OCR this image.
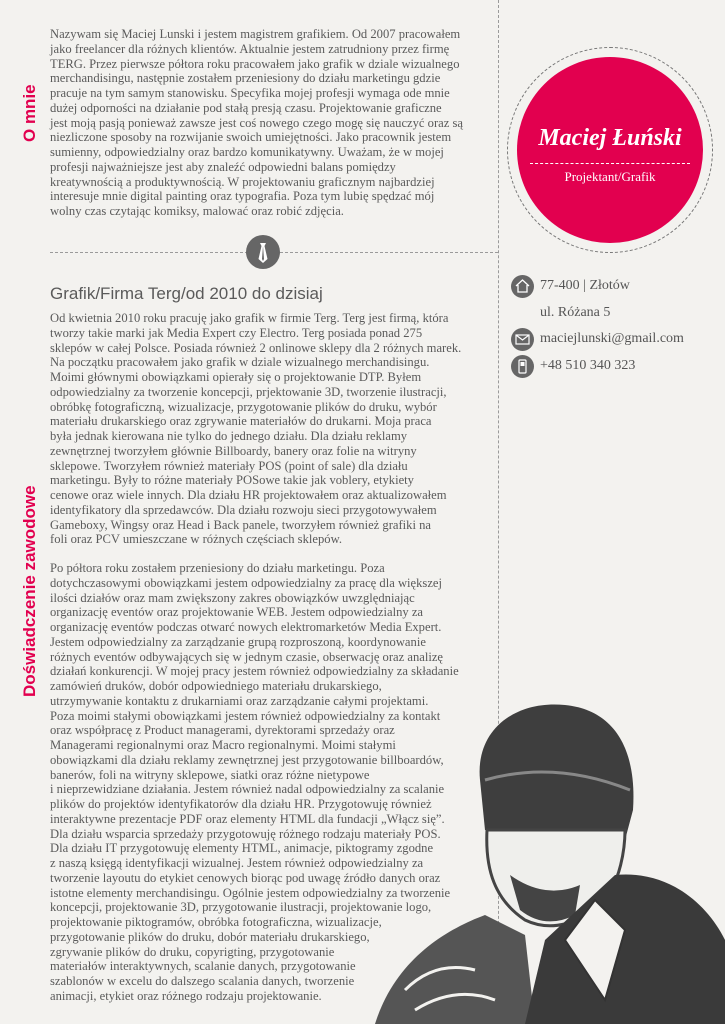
O mnie
Doświadczenie zawodowe
Nazywam się Maciej Lunski i jestem magistrem grafikiem. Od 2007 pracowałem
jako freelancer dla różnych klientów. Aktualnie jestem zatrudniony przez firmę
TERG. Przez pierwsze półtora roku pracowałem jako grafik w dziale wizualnego
merchandisingu, następnie zostałem przeniesiony do działu marketingu gdzie
pracuje na tym samym stanowisku. Specyfika mojej profesji wymaga ode mnie
dużej odporności na działanie pod stałą presją czasu. Projektowanie graficzne
jest moją pasją ponieważ zawsze jest coś nowego czego mogę się nauczyć oraz są
niezliczone sposoby na rozwijanie swoich umiejętności. Jako pracownik jestem
sumienny, odpowiedzialny oraz bardzo komunikatywny. Uważam, że w mojej
profesji najważniejsze jest aby znaleźć odpowiedni balans pomiędzy
kreatywnością a produktywnością. W projektowaniu graficznym najbardziej
interesuje mnie digital painting oraz typografia. Poza tym lubię spędzać mój
wolny czas czytając komiksy, malować oraz robić zdjęcia.
Grafik/Firma Terg/od 2010 do dzisiaj
Od kwietnia 2010 roku pracuję jako grafik w firmie Terg. Terg jest firmą, która
tworzy takie marki jak Media Expert czy Electro. Terg posiada ponad 275
sklepów w całej Polsce. Posiada również 2 onlinowe sklepy dla 2 różnych marek.
Na początku pracowałem jako grafik w dziale wizualnego merchandisingu.
Moimi głównymi obowiązkami opierały się o projektowanie DTP. Byłem
odpowiedzialny za tworzenie koncepcji, prjektowanie 3D, tworzenie ilustracji,
obróbkę fotograficzną, wizualizacje, przygotowanie plików do druku, wybór
materiału drukarskiego oraz zgrywanie materiałów do drukarni. Moja praca
była jednak kierowana nie tylko do jednego działu. Dla działu reklamy
zewnętrznej tworzyłem głównie Billboardy, banery oraz folie na witryny
sklepowe. Tworzyłem również materiały POS (point of sale) dla działu
marketingu. Były to różne materiały POSowe takie jak voblery, etykiety
cenowe oraz wiele innych. Dla działu HR projektowałem oraz aktualizowałem
identyfikatory dla sprzedawców. Dla działu rozwoju sieci przygotowywałem
Gameboxy, Wingsy oraz Head i Back panele, tworzyłem również grafiki na
foli oraz PCV umieszczane w różnych częściach sklepów.
Po półtora roku zostałem przeniesiony do działu marketingu. Poza
dotychczasowymi obowiązkami jestem odpowiedzialny za pracę dla większej
ilości działów oraz mam zwiększony zakres obowiązków uwzględniając
organizację eventów oraz projektowanie WEB. Jestem odpowiedzialny za
organizację eventów podczas otwarć nowych elektromarketów Media Expert.
Jestem odpowiedzialny za zarządzanie grupą rozproszoną, koordynowanie
różnych eventów odbywających się w jednym czasie, obserwację oraz analizę
działań konkurencji. W mojej pracy jestem również odpowiedzialny za składanie
zamówień druków, dobór odpowiedniego materiału drukarskiego,
utrzymywanie kontaktu z drukarniami oraz zarządzanie całymi projektami.
Poza moimi stałymi obowiązkami jestem również odpowiedzialny za kontakt
oraz współpracę z Product managerami, dyrektorami sprzedaży oraz
Managerami regionalnymi oraz Macro regionalnymi. Moimi stałymi
obowiązkami dla działu reklamy zewnętrznej jest przygotowanie billboardów,
banerów, foli na witryny sklepowe, siatki oraz różne nietypowe
i nieprzewidziane działania. Jestem również nadal odpowiedzialny za scalanie
plików do projektów identyfikatorów dla działu HR. Przygotowuję również
interaktywne prezentacje PDF oraz elementy HTML dla fundacji „Włącz się”.
Dla działu wsparcia sprzedaży przygotowuję różnego rodzaju materiały POS.
Dla działu IT przygotowuję elementy HTML, animacje, piktogramy zgodne
z naszą księgą identyfikacji wizualnej. Jestem również odpowiedzialny za
tworzenie layoutu do etykiet cenowych biorąc pod uwagę źródło danych oraz
istotne elementy merchandisingu. Ogólnie jestem odpowiedzialny za tworzenie
koncepcji, projektowanie 3D, przygotowanie ilustracji, projektowanie logo,
projektowanie piktogramów, obróbka fotograficzna, wizualizacje,
przygotowanie plików do druku, dobór materiału drukarskiego,
zgrywanie plików do druku, copyrigting, przygotowanie
materiałów interaktywnych, scalanie danych, przygotowanie
szablonów w excelu do dalszego scalania danych, tworzenie
animacji, etykiet oraz różnego rodzaju projektowanie.
Maciej Łuński
Projektant/Grafik
77-400 | Złotów
ul. Różana 5
maciejlunski@gmail.com
+48 510 340 323
